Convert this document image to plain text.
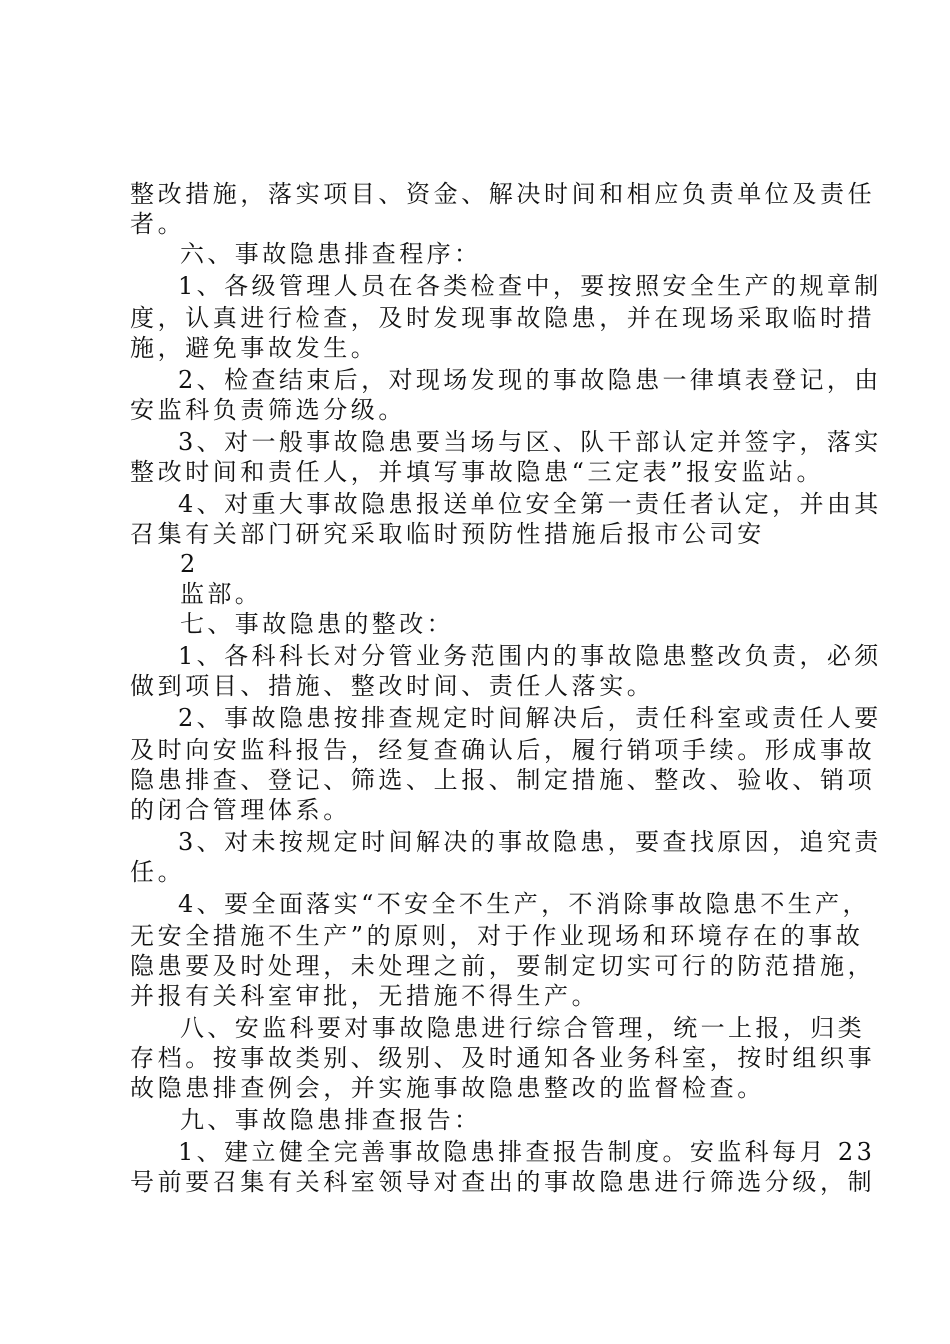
整改措施，落实项目、资金、解决时间和相应负责单位及责任
者。
六、事故隐患排查程序：
1、各级管理人员在各类检查中，要按照安全生产的规章制
度，认真进行检查，及时发现事故隐患，并在现场采取临时措
施，避免事故发生。
2、检查结束后，对现场发现的事故隐患一律填表登记，由
安监科负责筛选分级。
3、对一般事故隐患要当场与区、队干部认定并签字，落实
整改时间和责任人，并填写事故隐患“三定表”报安监站。
4、对重大事故隐患报送单位安全第一责任者认定，并由其
召集有关部门研究采取临时预防性措施后报市公司安
2
监部。
七、事故隐患的整改：
1、各科科长对分管业务范围内的事故隐患整改负责，必须
做到项目、措施、整改时间、责任人落实。
2、事故隐患按排查规定时间解决后，责任科室或责任人要
及时向安监科报告，经复查确认后，履行销项手续。形成事故
隐患排查、登记、筛选、上报、制定措施、整改、验收、销项
的闭合管理体系。
3、对未按规定时间解决的事故隐患，要查找原因，追究责
任。
4、要全面落实“不安全不生产，不消除事故隐患不生产，
无安全措施不生产”的原则，对于作业现场和环境存在的事故
隐患要及时处理，未处理之前，要制定切实可行的防范措施，
并报有关科室审批，无措施不得生产。
八、安监科要对事故隐患进行综合管理，统一上报，归类
存档。按事故类别、级别、及时通知各业务科室，按时组织事
故隐患排查例会，并实施事故隐患整改的监督检查。
九、事故隐患排查报告：
1、建立健全完善事故隐患排查报告制度。安监科每月 23
号前要召集有关科室领导对查出的事故隐患进行筛选分级，制
